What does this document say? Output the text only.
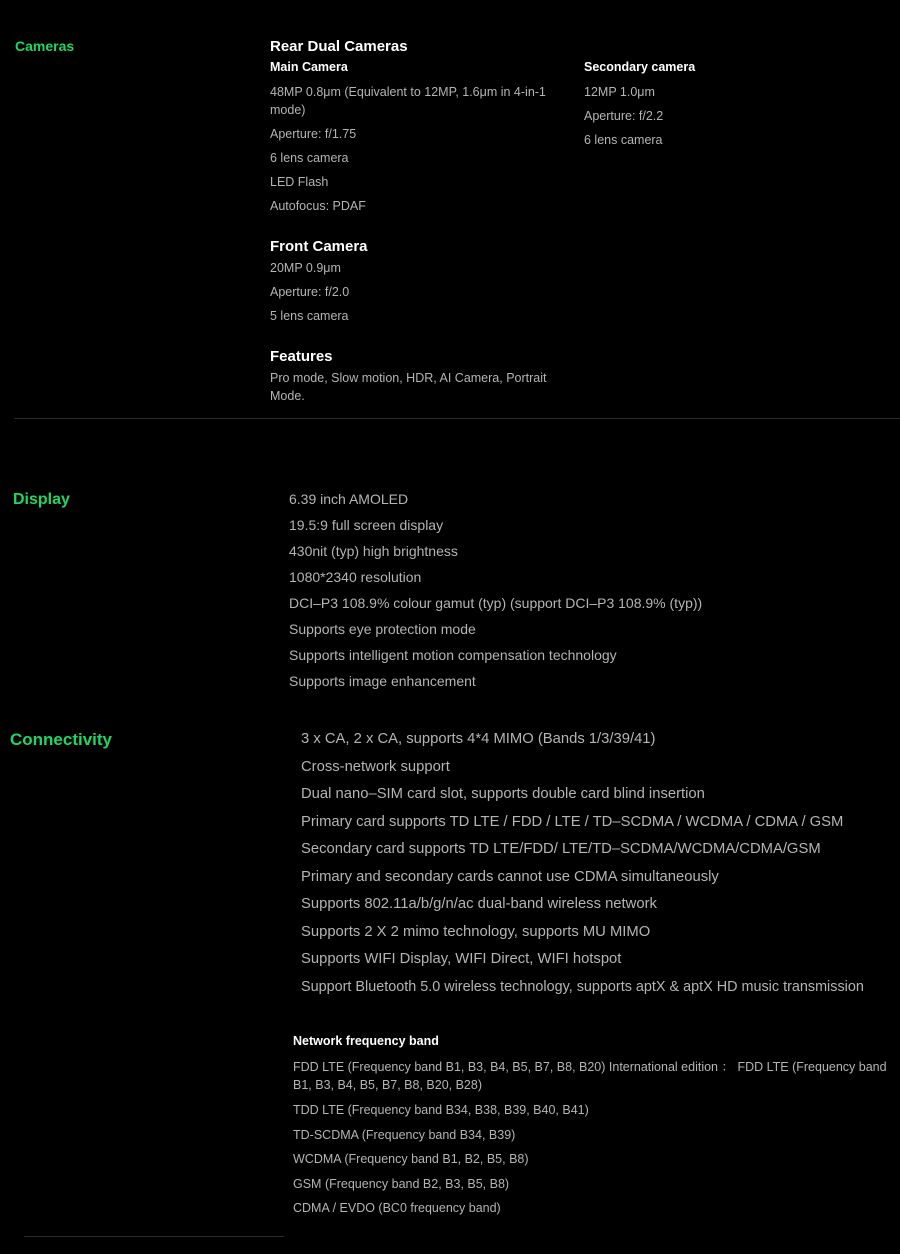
Cameras	Rear Dual Cameras
Main Camera
48MP 0.8μm (Equivalent to 12MP, 1.6μm in 4-in-1 mode)
Aperture: f/1.75
6 lens camera
LED Flash
Autofocus: PDAF
Secondary camera
12MP 1.0μm
Aperture: f/2.2
6 lens camera
Front Camera
20MP 0.9μm
Aperture: f/2.0
5 lens camera
Features
Pro mode, Slow motion, HDR, AI Camera, Portrait Mode.
Display	6.39 inch AMOLED
19.5:9 full screen display
430nit (typ) high brightness
1080*2340 resolution
DCI–P3 108.9% colour gamut (typ) (support DCI–P3 108.9% (typ))
Supports eye protection mode
Supports intelligent motion compensation technology
Supports image enhancement
Connectivity	3 x CA, 2 x CA, supports 4*4 MIMO (Bands 1/3/39/41)
Cross-network support
Dual nano–SIM card slot, supports double card blind insertion
Primary card supports TD LTE / FDD / LTE / TD–SCDMA / WCDMA / CDMA / GSM
Secondary card supports TD LTE/FDD/ LTE/TD–SCDMA/WCDMA/CDMA/GSM
Primary and secondary cards cannot use CDMA simultaneously
Supports 802.11a/b/g/n/ac dual-band wireless network
Supports 2 X 2 mimo technology, supports MU MIMO
Supports WIFI Display, WIFI Direct, WIFI hotspot
Support Bluetooth 5.0 wireless technology, supports aptX & aptX HD music transmission
Network frequency band
FDD LTE (Frequency band B1, B3, B4, B5, B7, B8, B20) International edition ： FDD LTE (Frequency band B1, B3, B4, B5, B7, B8, B20, B28)
TDD LTE (Frequency band B34, B38, B39, B40, B41)
TD-SCDMA (Frequency band B34, B39)
WCDMA (Frequency band B1, B2, B5, B8)
GSM (Frequency band B2, B3, B5, B8)
CDMA / EVDO (BC0 frequency band)
